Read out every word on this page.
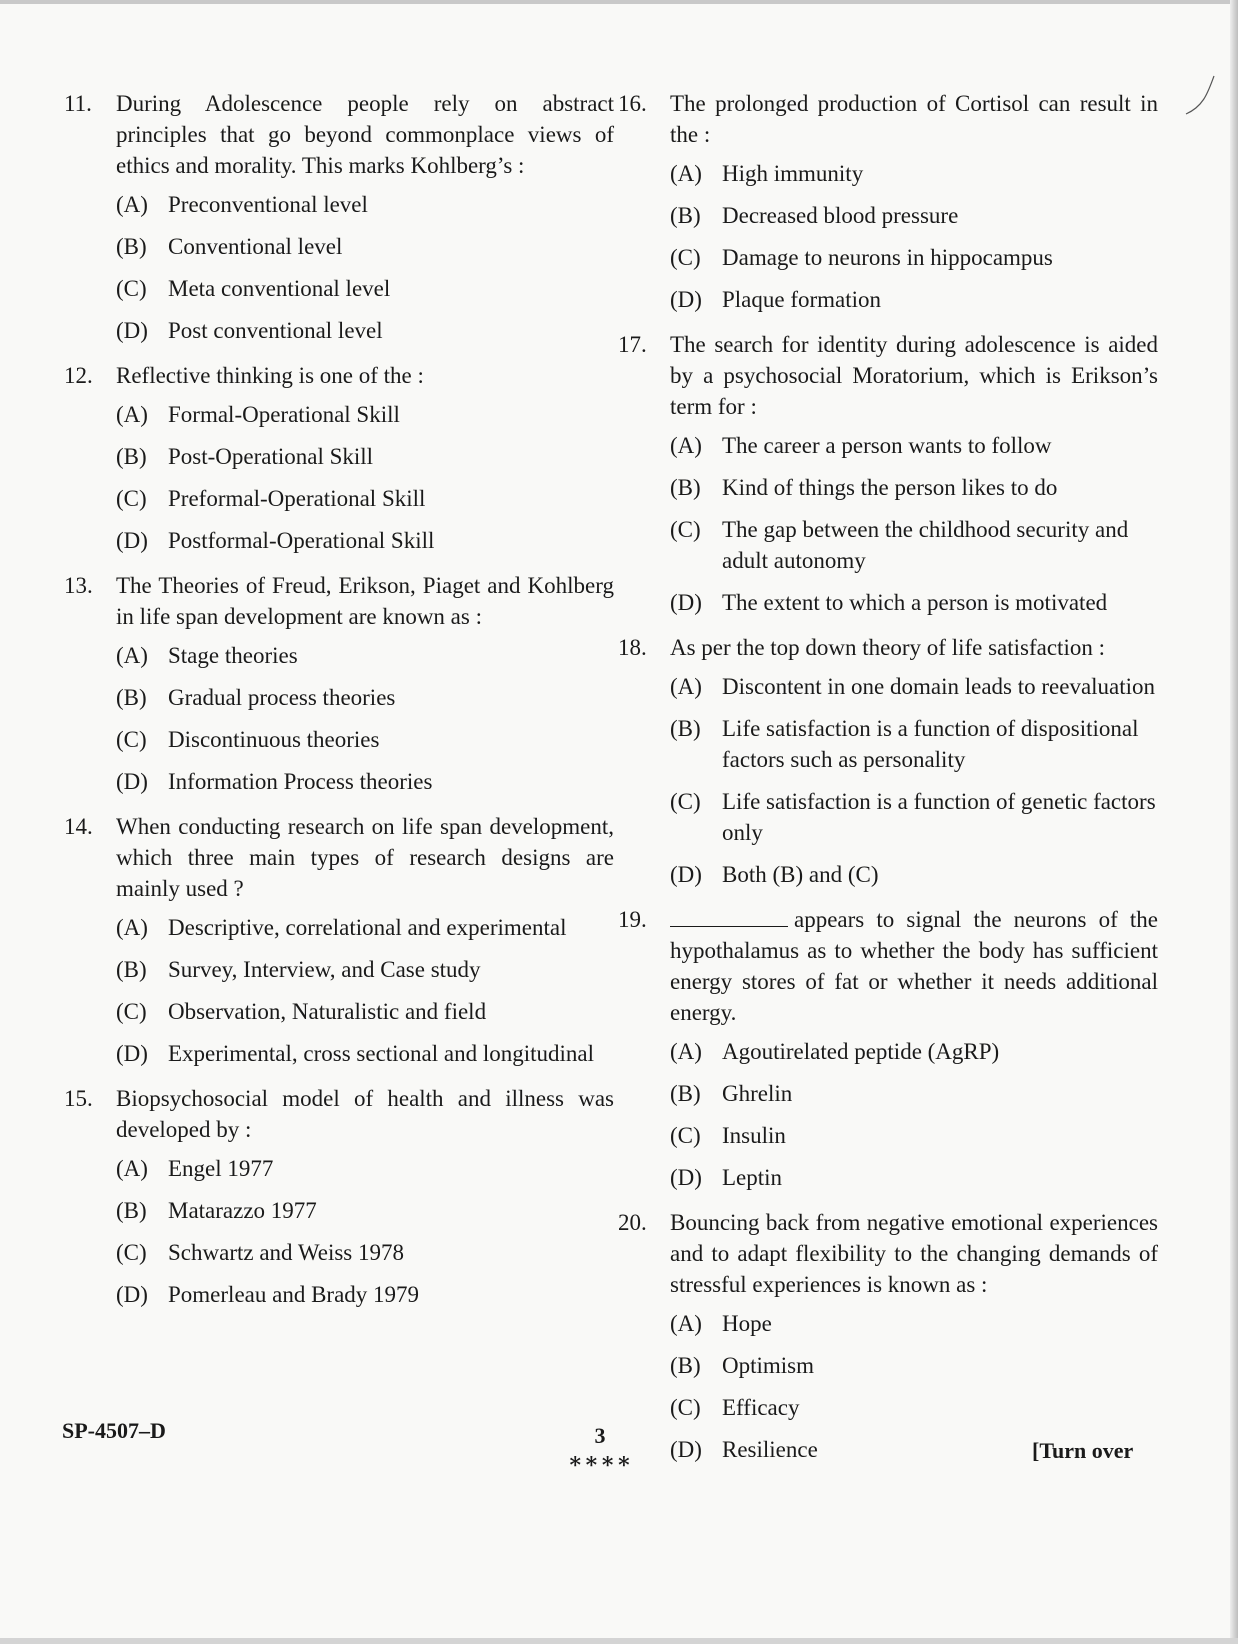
11.	During Adolescence people rely on abstract principles that go beyond commonplace views of ethics and morality. This marks Kohlberg’s :
(A) Preconventional level
(B) Conventional level
(C) Meta conventional level
(D) Post conventional level
12.	Reflective thinking is one of the :
(A) Formal-Operational Skill
(B) Post-Operational Skill
(C) Preformal-Operational Skill
(D) Postformal-Operational Skill
13.	The Theories of Freud, Erikson, Piaget and Kohlberg in life span development are known as :
(A) Stage theories
(B) Gradual process theories
(C) Discontinuous theories
(D) Information Process theories
14.	When conducting research on life span development, which three main types of research designs are mainly used ?
(A) Descriptive, correlational and experimental
(B) Survey, Interview, and Case study
(C) Observation, Naturalistic and field
(D) Experimental, cross sectional and longitudinal
15.	Biopsychosocial model of health and illness was developed by :
(A) Engel 1977
(B) Matarazzo 1977
(C) Schwartz and Weiss 1978
(D) Pomerleau and Brady 1979
16.	The prolonged production of Cortisol can result in the :
(A) High immunity
(B) Decreased blood pressure
(C) Damage to neurons in hippocampus
(D) Plaque formation
17.	The search for identity during adolescence is aided by a psychosocial Moratorium, which is Erikson’s term for :
(A) The career a person wants to follow
(B) Kind of things the person likes to do
(C) The gap between the childhood security and adult autonomy
(D) The extent to which a person is motivated
18.	As per the top down theory of life satisfaction :
(A) Discontent in one domain leads to reevaluation
(B) Life satisfaction is a function of dispositional factors such as personality
(C) Life satisfaction is a function of genetic factors only
(D) Both (B) and (C)
19.	appears to signal the neurons of the hypothalamus as to whether the body has sufficient energy stores of fat or whether it needs additional energy.
(A) Agoutirelated peptide (AgRP)
(B) Ghrelin
(C) Insulin
(D) Leptin
20.	Bouncing back from negative emotional experiences and to adapt flexibility to the changing demands of stressful experiences is known as :
(A) Hope
(B) Optimism
(C) Efficacy
(D) Resilience
SP-4507–D	3
∗∗∗∗	[Turn over
